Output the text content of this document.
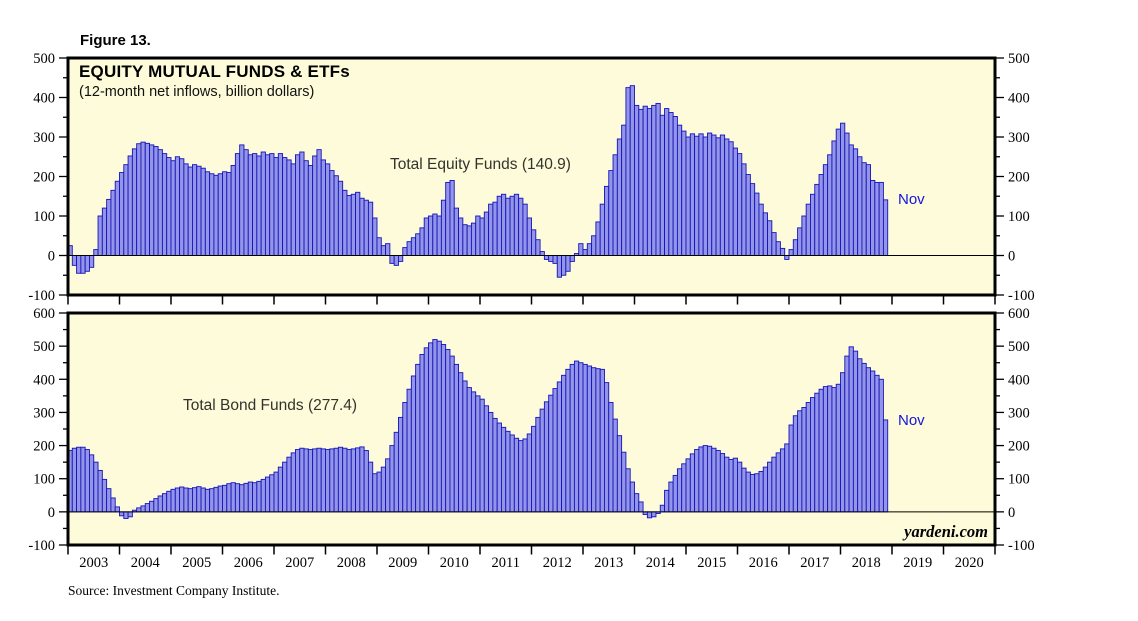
-100	-100
0	0
100	100
200	200
300	300
400	400
500	500
-100	-100
0	0
100	100
200	200
300	300
400	400
500	500
600	600
2003 2004 2005 2006 2007 2008 2009 2010 2011 2012 2013 2014 2015 2016 2017 2018 2019 2020
Figure 13.
EQUITY MUTUAL FUNDS & ETFs
(12-month net inflows, billion dollars)
Total Equity Funds (140.9)
Total Bond Funds (277.4)
Nov
Nov
yardeni.com
Source: Investment Company Institute.
